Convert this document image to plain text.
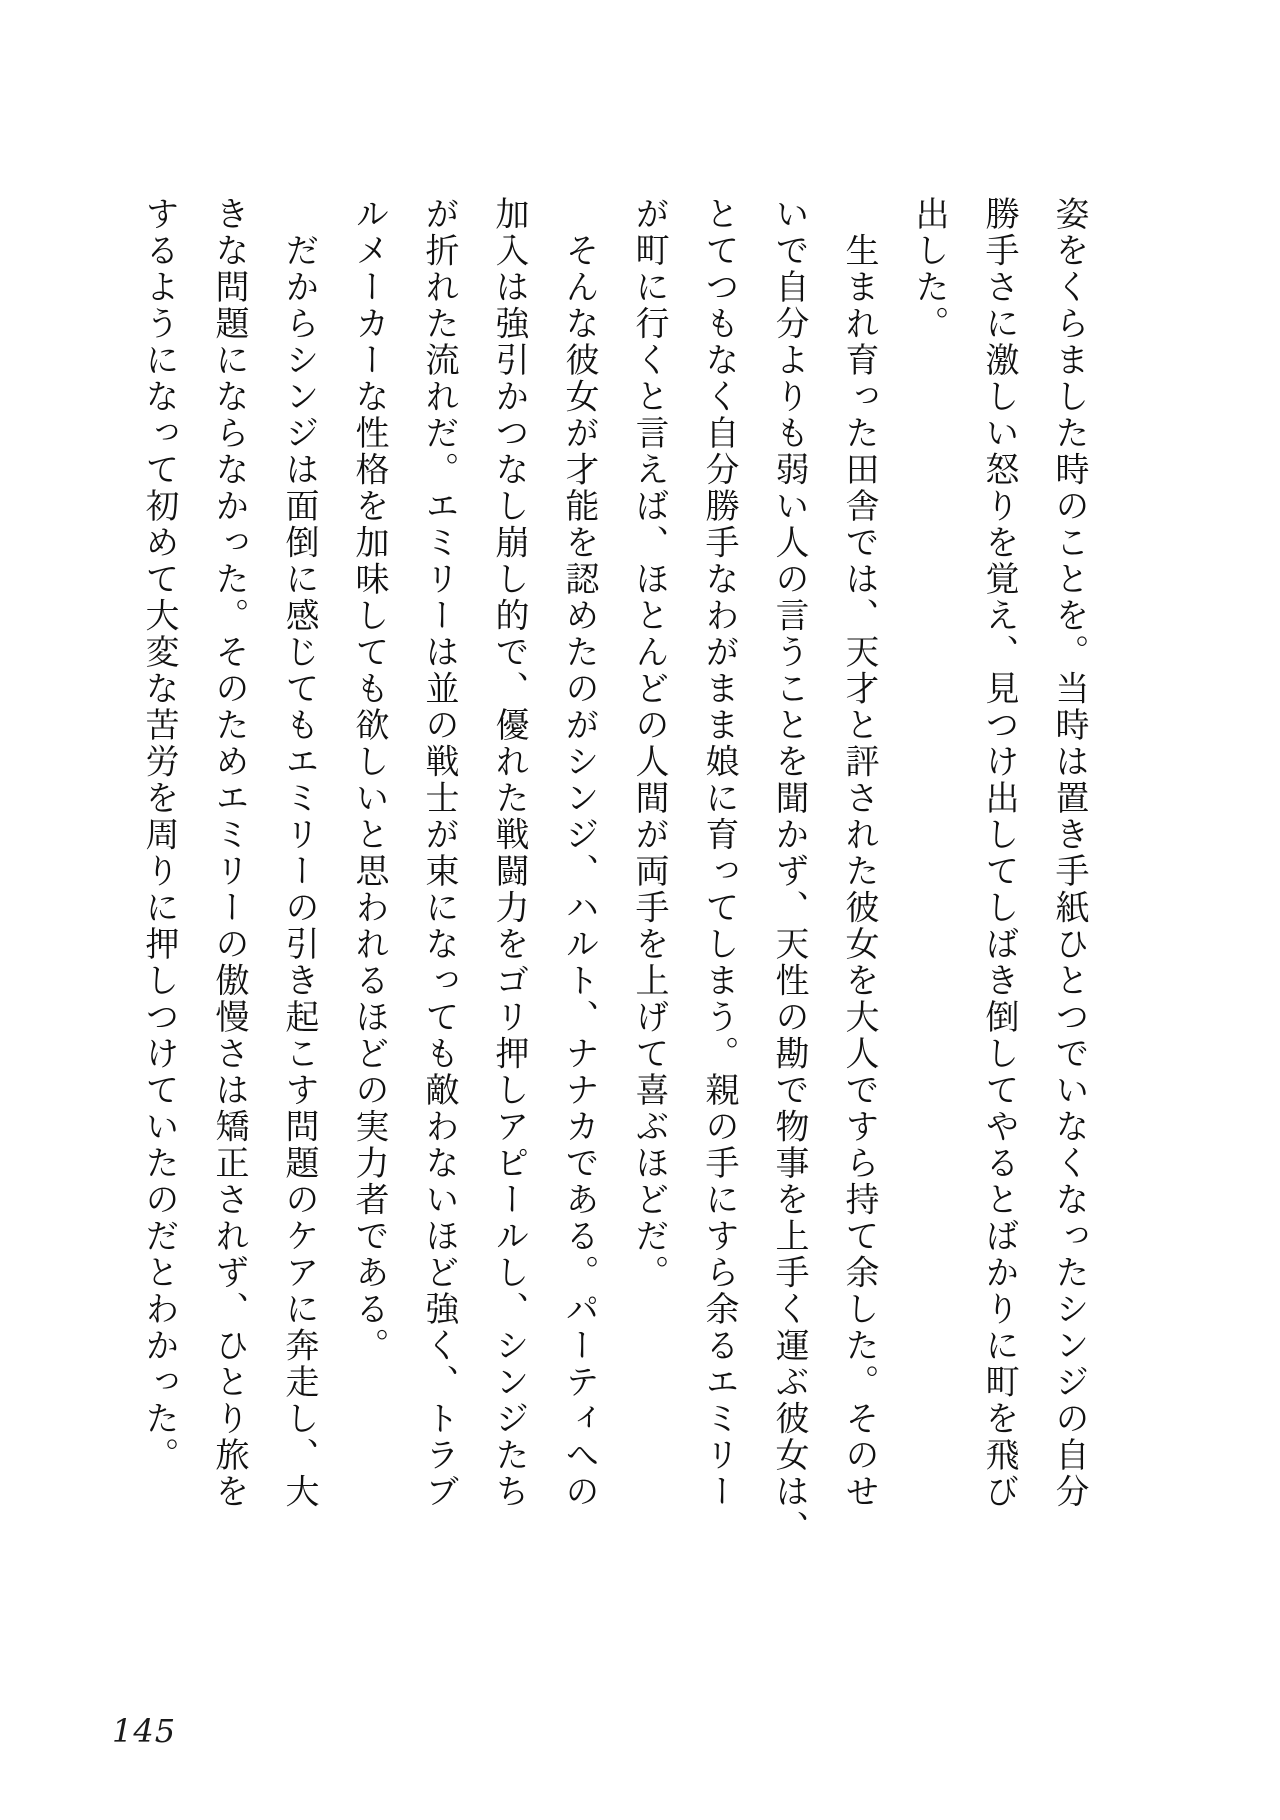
姿をくらました時のことを。当時は置き手紙ひとつでいなくなったシンジの自分
勝手さに激しい怒りを覚え、見つけ出してしばき倒してやるとばかりに町を飛び
出した。
　生まれ育った田舎では、天才と評された彼女を大人ですら持て余した。そのせ
いで自分よりも弱い人の言うことを聞かず、天性の勘で物事を上手く運ぶ彼女は、
とてつもなく自分勝手なわがまま娘に育ってしまう。親の手にすら余るエミリー
が町に行くと言えば、ほとんどの人間が両手を上げて喜ぶほどだ。
　そんな彼女が才能を認めたのがシンジ、ハルト、ナナカである。パーティへの
加入は強引かつなし崩し的で、優れた戦闘力をゴリ押しアピールし、シンジたち
が折れた流れだ。エミリーは並の戦士が束になっても敵わないほど強く、トラブ
ルメーカーな性格を加味しても欲しいと思われるほどの実力者である。
　だからシンジは面倒に感じてもエミリーの引き起こす問題のケアに奔走し、大
きな問題にならなかった。そのためエミリーの傲慢さは矯正されず、ひとり旅を
するようになって初めて大変な苦労を周りに押しつけていたのだとわかった。
145
